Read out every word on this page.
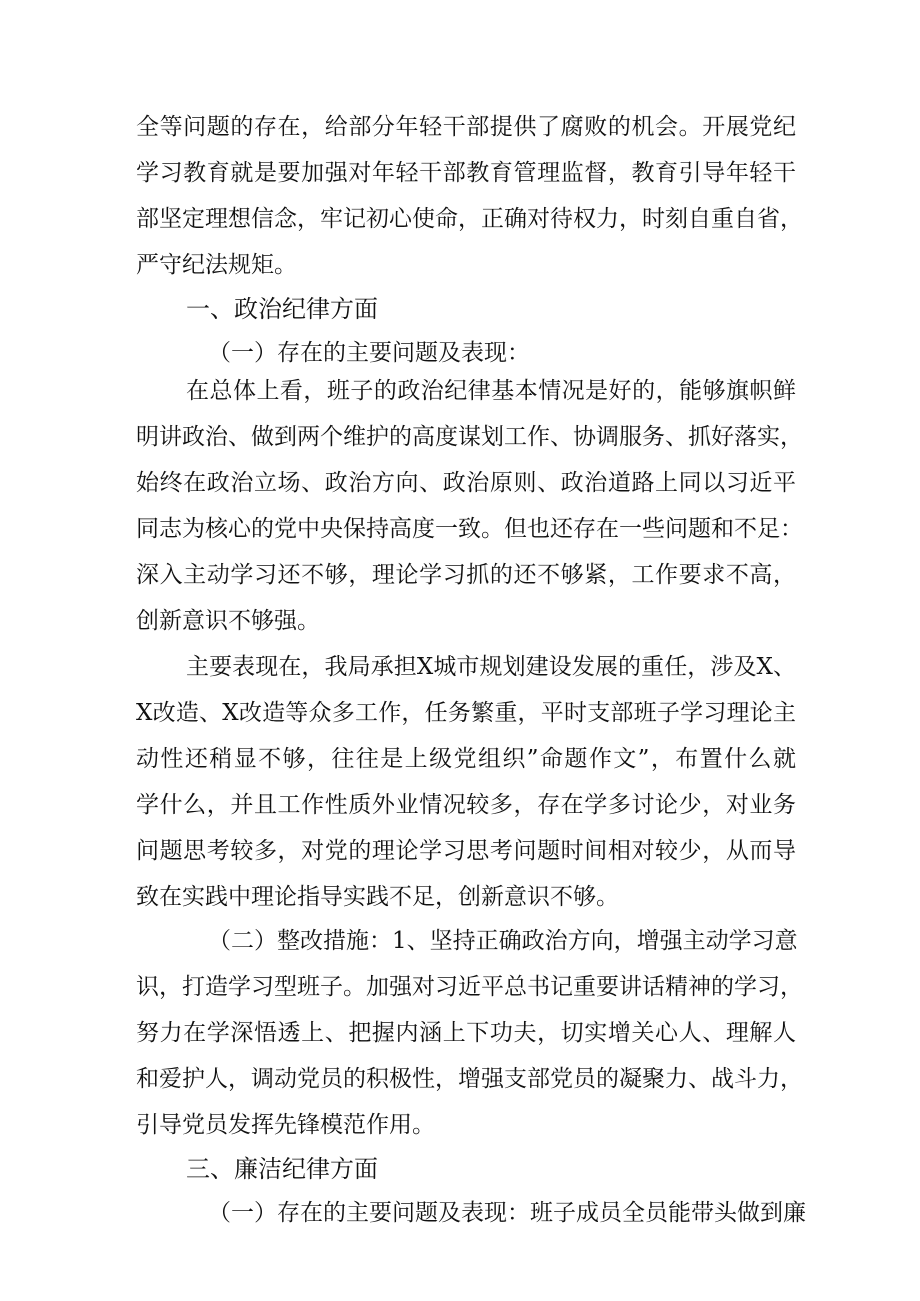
全等问题的存在，给部分年轻干部提供了腐败的机会。开展党纪
学习教育就是要加强对年轻干部教育管理监督，教育引导年轻干
部坚定理想信念，牢记初心使命，正确对待权力，时刻自重自省，
严守纪法规矩。
一、政治纪律方面
（一）存在的主要问题及表现：
在总体上看，班子的政治纪律基本情况是好的，能够旗帜鲜
明讲政治、做到两个维护的高度谋划工作、协调服务、抓好落实，
始终在政治立场、政治方向、政治原则、政治道路上同以习近平
同志为核心的党中央保持高度一致。但也还存在一些问题和不足：
深入主动学习还不够，理论学习抓的还不够紧，工作要求不高，
创新意识不够强。
主要表现在，我局承担X城市规划建设发展的重任，涉及X、
X改造、X改造等众多工作，任务繁重，平时支部班子学习理论主
动性还稍显不够，往往是上级党组织”命题作文”，布置什么就
学什么，并且工作性质外业情况较多，存在学多讨论少，对业务
问题思考较多，对党的理论学习思考问题时间相对较少，从而导
致在实践中理论指导实践不足，创新意识不够。
（二）整改措施：1、坚持正确政治方向，增强主动学习意
识，打造学习型班子。加强对习近平总书记重要讲话精神的学习，
努力在学深悟透上、把握内涵上下功夫，切实增关心人、理解人
和爱护人，调动党员的积极性，增强支部党员的凝聚力、战斗力，
引导党员发挥先锋模范作用。
三、廉洁纪律方面
（一）存在的主要问题及表现：班子成员全员能带头做到廉
